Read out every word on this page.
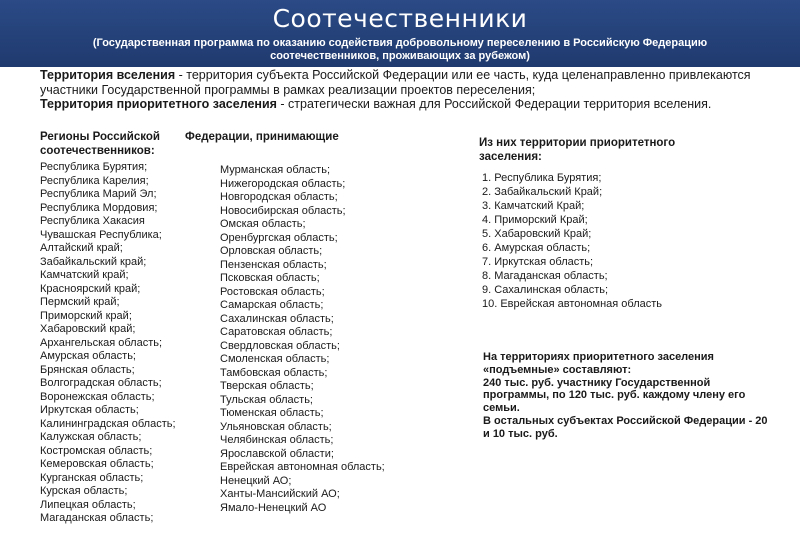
Соотечественники
(Государственная программа по оказанию содействия добровольному переселению в Российскую Федерацию соотечественников, проживающих за рубежом)

Территория вселения - территория субъекта Российской Федерации или ее часть, куда целенаправленно привлекаются участники Государственной программы в рамках реализации проектов переселения;

Территория приоритетного заселения - стратегически важная для Российской Федерации территория вселения.

Регионы Российской соотечественников:
Федерации, принимающие
Республика Бурятия;
Республика Карелия;
Республика Марий Эл;
Республика Мордовия;
Республика Хакасия
Чувашская Республика;
Алтайский край;
Забайкальский край;
Камчатский край;
Красноярский край;
Пермский край;
Приморский край;
Хабаровский край;
Архангельская область;
Амурская область;
Брянская область;
Волгоградская область;
Воронежская область;
Иркутская область;
Калининградская область;
Калужская область;
Костромская область;
Кемеровская область;
Курганская область;
Курская область;
Липецкая область;
Магаданская область;
Мурманская область;
Нижегородская область;
Новгородская область;
Новосибирская область;
Омская область;
Оренбургская область;
Орловская область;
Пензенская область;
Псковская область;
Ростовская область;
Самарская область;
Сахалинская область;
Саратовская область;
Свердловская область;
Смоленская область;
Тамбовская область;
Тверская область;
Тульская область;
Тюменская область;
Ульяновская область;
Челябинская область;
Ярославской области;
Еврейская автономная область;
Ненецкий АО;
Ханты-Мансийский АО;
Ямало-Ненецкий АО
Из них территории приоритетного заселения:
1. Республика Бурятия;
2. Забайкальский Край;
3. Камчатский Край;
4. Приморский Край;
5. Хабаровский Край;
6. Амурская область;
7. Иркутская область;
8. Магаданская область;
9. Сахалинская область;
10. Еврейская автономная область

На территориях приоритетного заселения «подъемные» составляют:

240 тыс. руб. участнику Государственной программы, по 120 тыс. руб. каждому члену его семьи.

В остальных субъектах Российской Федерации - 20 и 10 тыс. руб.
